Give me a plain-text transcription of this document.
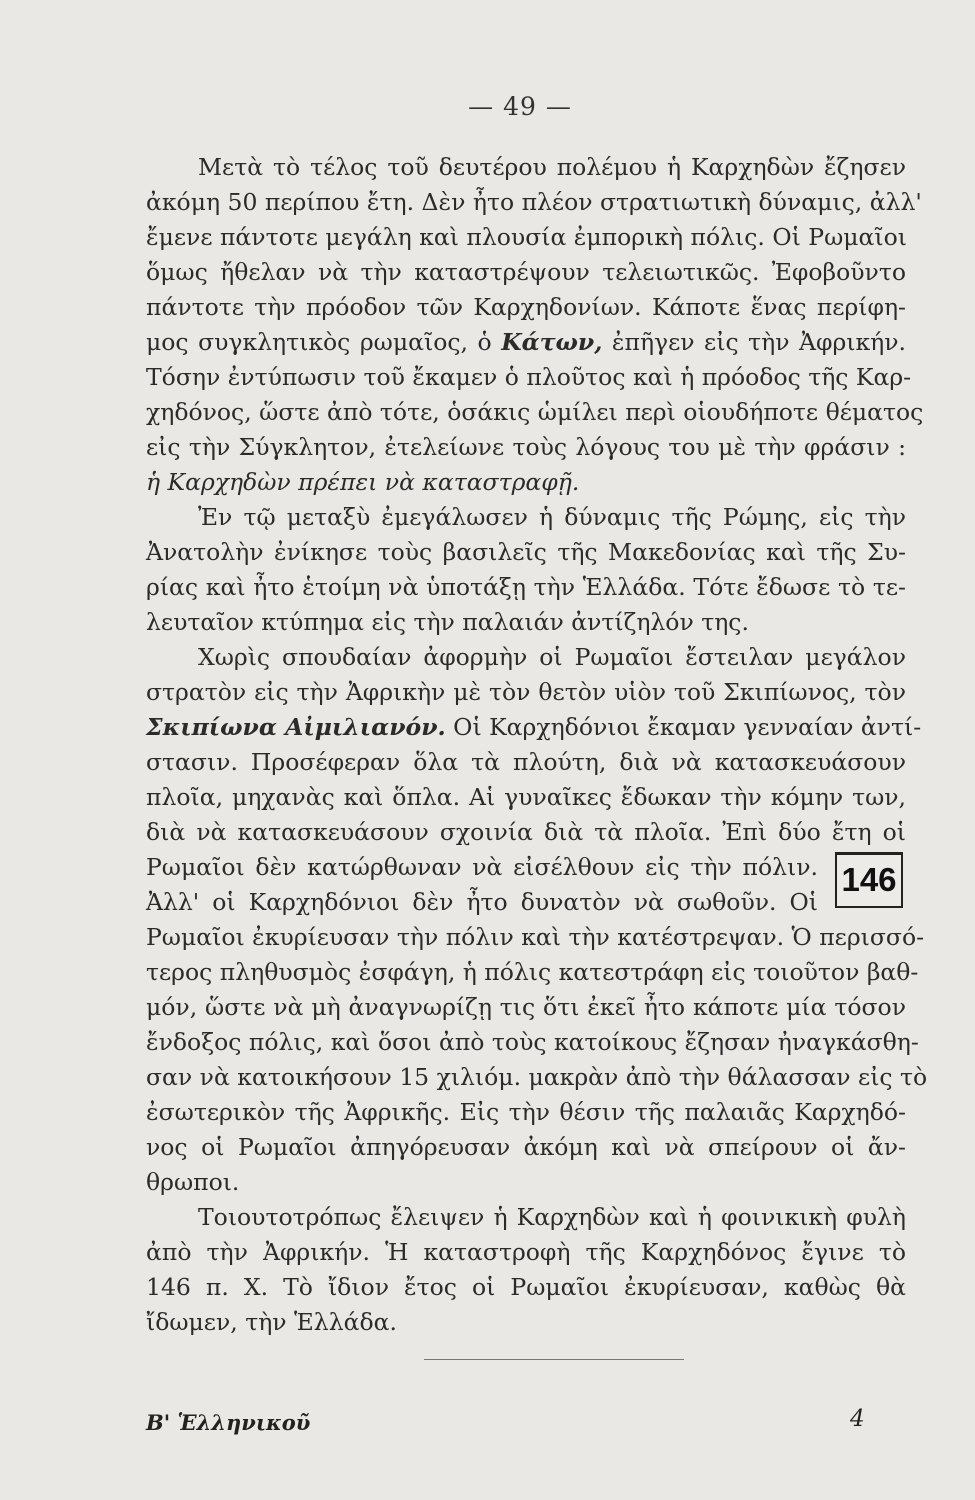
— 49 —
Μετὰ τὸ τέλος τοῦ δευτέρου πολέμου ἡ Καρχηδὼν ἔζησεν
ἀκόμη 50 περίπου ἔτη. Δὲν ἦτο πλέον στρατιωτικὴ δύναμις, ἀλλ'
ἔμενε πάντοτε μεγάλη καὶ πλουσία ἐμπορικὴ πόλις. Οἱ Ρωμαῖοι
ὅμως ἤθελαν νὰ τὴν καταστρέψουν τελειωτικῶς. Ἐφοβοῦντο
πάντοτε τὴν πρόοδον τῶν Καρχηδονίων. Κάποτε ἕνας περίφη-
μος συγκλητικὸς ρωμαῖος, ὁ Κάτων, ἐπῆγεν εἰς τὴν Ἀφρικήν.
Τόσην ἐντύπωσιν τοῦ ἔκαμεν ὁ πλοῦτος καὶ ἡ πρόοδος τῆς Καρ-
χηδόνος, ὥστε ἀπὸ τότε, ὁσάκις ὡμίλει περὶ οἱουδήποτε θέματος
εἰς τὴν Σύγκλητον, ἐτελείωνε τοὺς λόγους του μὲ τὴν φράσιν :
ἡ Καρχηδὼν πρέπει νὰ καταστραφῇ.
Ἐν τῷ μεταξὺ ἐμεγάλωσεν ἡ δύναμις τῆς Ρώμης, εἰς τὴν
Ἀνατολὴν ἐνίκησε τοὺς βασιλεῖς τῆς Μακεδονίας καὶ τῆς Συ-
ρίας καὶ ἦτο ἑτοίμη νὰ ὑποτάξῃ τὴν Ἑλλάδα. Τότε ἔδωσε τὸ τε-
λευταῖον κτύπημα εἰς τὴν παλαιάν ἀντίζηλόν της.
Χωρὶς σπουδαίαν ἀφορμὴν οἱ Ρωμαῖοι ἔστειλαν μεγάλον
στρατὸν εἰς τὴν Ἀφρικὴν μὲ τὸν θετὸν υἱὸν τοῦ Σκιπίωνος, τὸν
Σκιπίωνα Αἰμιλιανόν. Οἱ Καρχηδόνιοι ἔκαμαν γενναίαν ἀντί-
στασιν. Προσέφεραν ὅλα τὰ πλούτη, διὰ νὰ κατασκευάσουν
πλοῖα, μηχανὰς καὶ ὅπλα. Αἱ γυναῖκες ἔδωκαν τὴν κόμην των,
διὰ νὰ κατασκευάσουν σχοινία διὰ τὰ πλοῖα. Ἐπὶ δύο ἔτη οἱ
Ρωμαῖοι δὲν κατώρθωναν νὰ εἰσέλθουν εἰς τὴν πόλιν.
Ἀλλ' οἱ Καρχηδόνιοι δὲν ἦτο δυνατὸν νὰ σωθοῦν. Οἱ
Ρωμαῖοι ἐκυρίευσαν τὴν πόλιν καὶ τὴν κατέστρεψαν. Ὁ περισσό-
τερος πληθυσμὸς ἐσφάγη, ἡ πόλις κατεστράφη εἰς τοιοῦτον βαθ-
μόν, ὥστε νὰ μὴ ἀναγνωρίζῃ τις ὅτι ἐκεῖ ἦτο κάποτε μία τόσον
ἔνδοξος πόλις, καὶ ὅσοι ἀπὸ τοὺς κατοίκους ἔζησαν ἠναγκάσθη-
σαν νὰ κατοικήσουν 15 χιλιόμ. μακρὰν ἀπὸ τὴν θάλασσαν εἰς τὸ
ἐσωτερικὸν τῆς Ἀφρικῆς. Εἰς τὴν θέσιν τῆς παλαιᾶς Καρχηδό-
νος οἱ Ρωμαῖοι ἀπηγόρευσαν ἀκόμη καὶ νὰ σπείρουν οἱ ἄν-
θρωποι.
Τοιουτοτρόπως ἔλειψεν ἡ Καρχηδὼν καὶ ἡ φοινικικὴ φυλὴ
ἀπὸ τὴν Ἀφρικήν. Ἡ καταστροφὴ τῆς Καρχηδόνος ἔγινε τὸ
146 π. Χ. Τὸ ἴδιον ἔτος οἱ Ρωμαῖοι ἐκυρίευσαν, καθὼς θὰ
ἴδωμεν, τὴν Ἑλλάδα.
146
Β' Ἑλληνικοῦ	4
